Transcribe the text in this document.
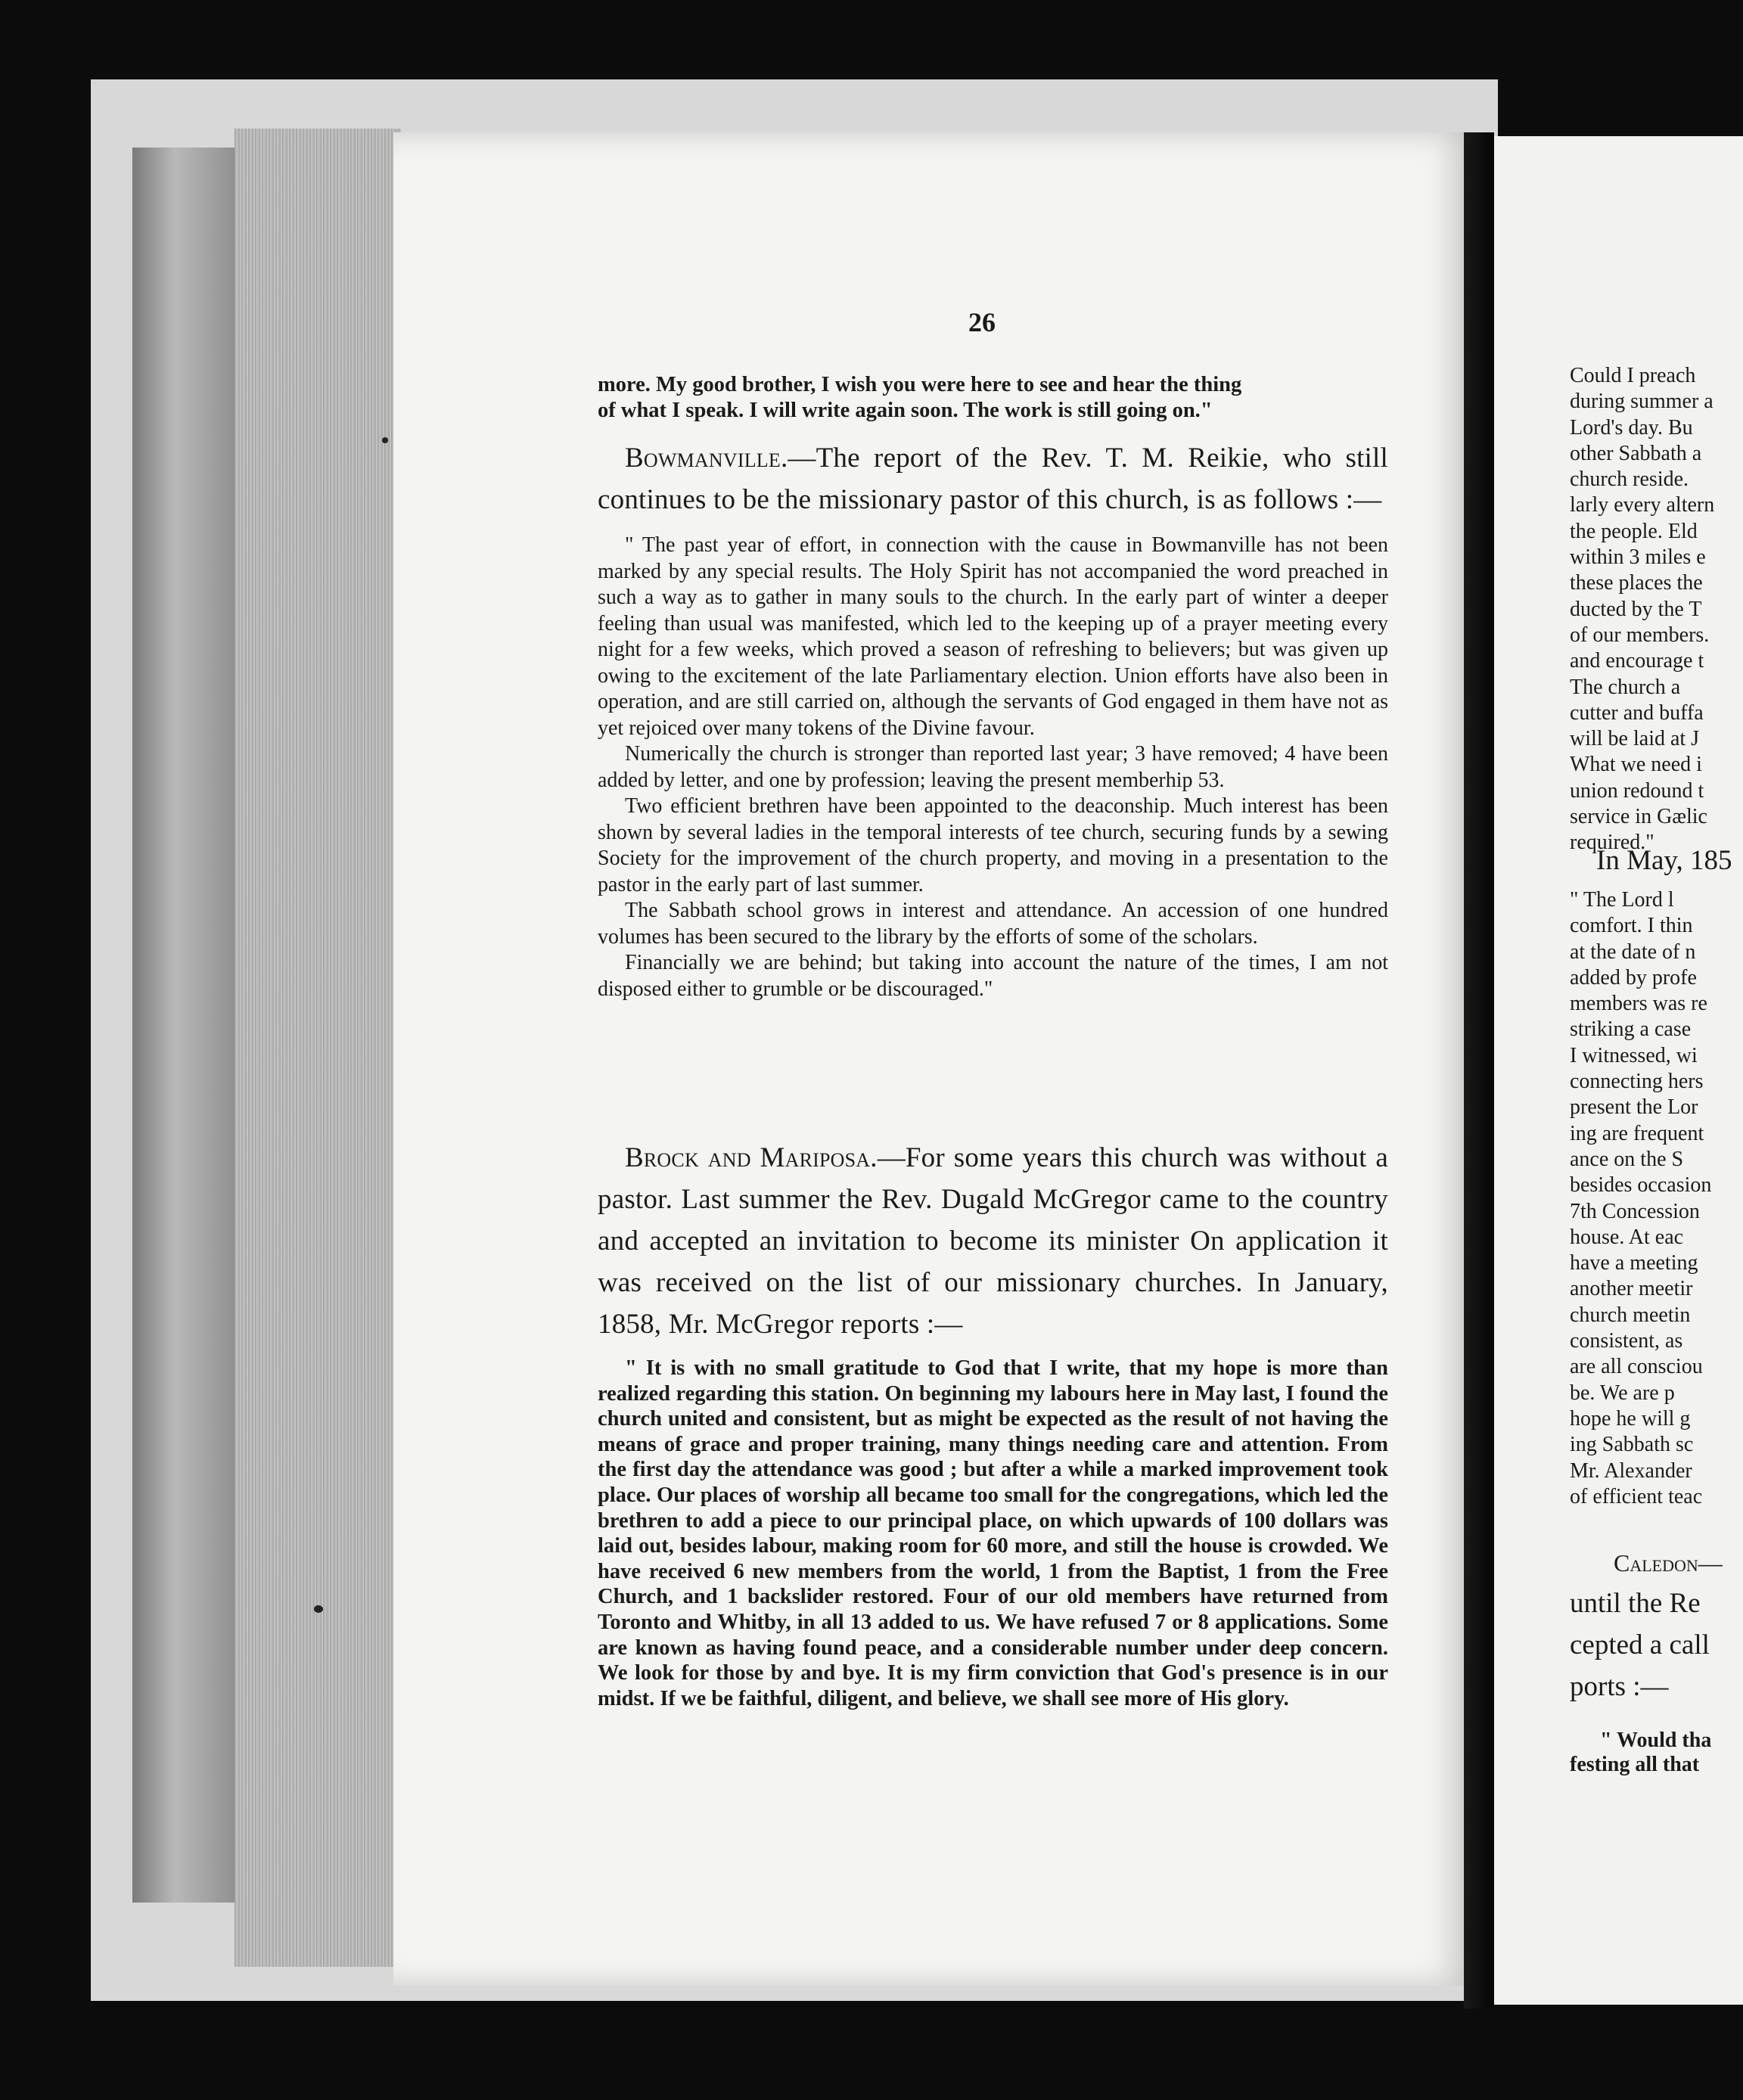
26
more. My good brother, I wish you were here to see and hear the thing
of what I speak. I will write again soon. The work is still going on."
Bowmanville.—The report of the Rev. T. M. Reikie, who still continues to be the missionary pastor of this church, is as follows :—

" The past year of effort, in connection with the cause in Bowmanville has not been marked by any special results. The Holy Spirit has not accompanied the word preached in such a way as to gather in many souls to the church. In the early part of winter a deeper feeling than usual was manifested, which led to the keeping up of a prayer meeting every night for a few weeks, which proved a season of refreshing to believers; but was given up owing to the excitement of the late Parliamentary election. Union efforts have also been in operation, and are still carried on, although the servants of God engaged in them have not as yet rejoiced over many tokens of the Divine favour.

Numerically the church is stronger than reported last year; 3 have removed; 4 have been added by letter, and one by profession; leaving the present memberhip 53.

Two efficient brethren have been appointed to the deaconship. Much interest has been shown by several ladies in the temporal interests of tee church, securing funds by a sewing Society for the improvement of the church property, and moving in a presentation to the pastor in the early part of last summer.

The Sabbath school grows in interest and attendance. An accession of one hundred volumes has been secured to the library by the efforts of some of the scholars.

Financially we are behind; but taking into account the nature of the times, I am not disposed either to grumble or be discouraged."

Brock and Mariposa.—For some years this church was without a pastor. Last summer the Rev. Dugald McGregor came to the country and accepted an invitation to become its minister On application it was received on the list of our missionary churches. In January, 1858, Mr. McGregor reports :—
" It is with no small gratitude to God that I write, that my hope is more than realized regarding this station. On beginning my labours here in May last, I found the church united and consistent, but as might be expected as the result of not having the means of grace and proper training, many things needing care and attention. From the first day the attendance was good ; but after a while a marked improvement took place. Our places of worship all became too small for the congregations, which led the brethren to add a piece to our principal place, on which upwards of 100 dollars was laid out, besides labour, making room for 60 more, and still the house is crowded. We have received 6 new members from the world, 1 from the Baptist, 1 from the Free Church, and 1 backslider restored. Four of our old members have returned from Toronto and Whitby, in all 13 added to us. We have refused 7 or 8 applications. Some are known as having found peace, and a considerable number under deep concern. We look for those by and bye. It is my firm conviction that God's presence is in our midst. If we be faithful, diligent, and believe, we shall see more of His glory.
Could I preach
during summer a
Lord's day. Bu
other Sabbath a
church reside.
larly every altern
the people. Eld
within 3 miles e
these places the
ducted by the T
of our members.
and encourage t
The church a
cutter and buffa
will be laid at J
What we need i
union redound t
service in Gælic
required."
In May, 185
" The Lord l
comfort. I thin
at the date of n
added by profe
members was re
striking a case
I witnessed, wi
connecting hers
present the Lor
ing are frequent
ance on the S
besides occasion
7th Concession
house. At eac
have a meeting
another meetir
church meetin
consistent, as
are all consciou
be. We are p
hope he will g
ing Sabbath sc
Mr. Alexander
of efficient teac
Caledon—
until the Re
cepted a call
ports :—
" Would tha
festing all that
